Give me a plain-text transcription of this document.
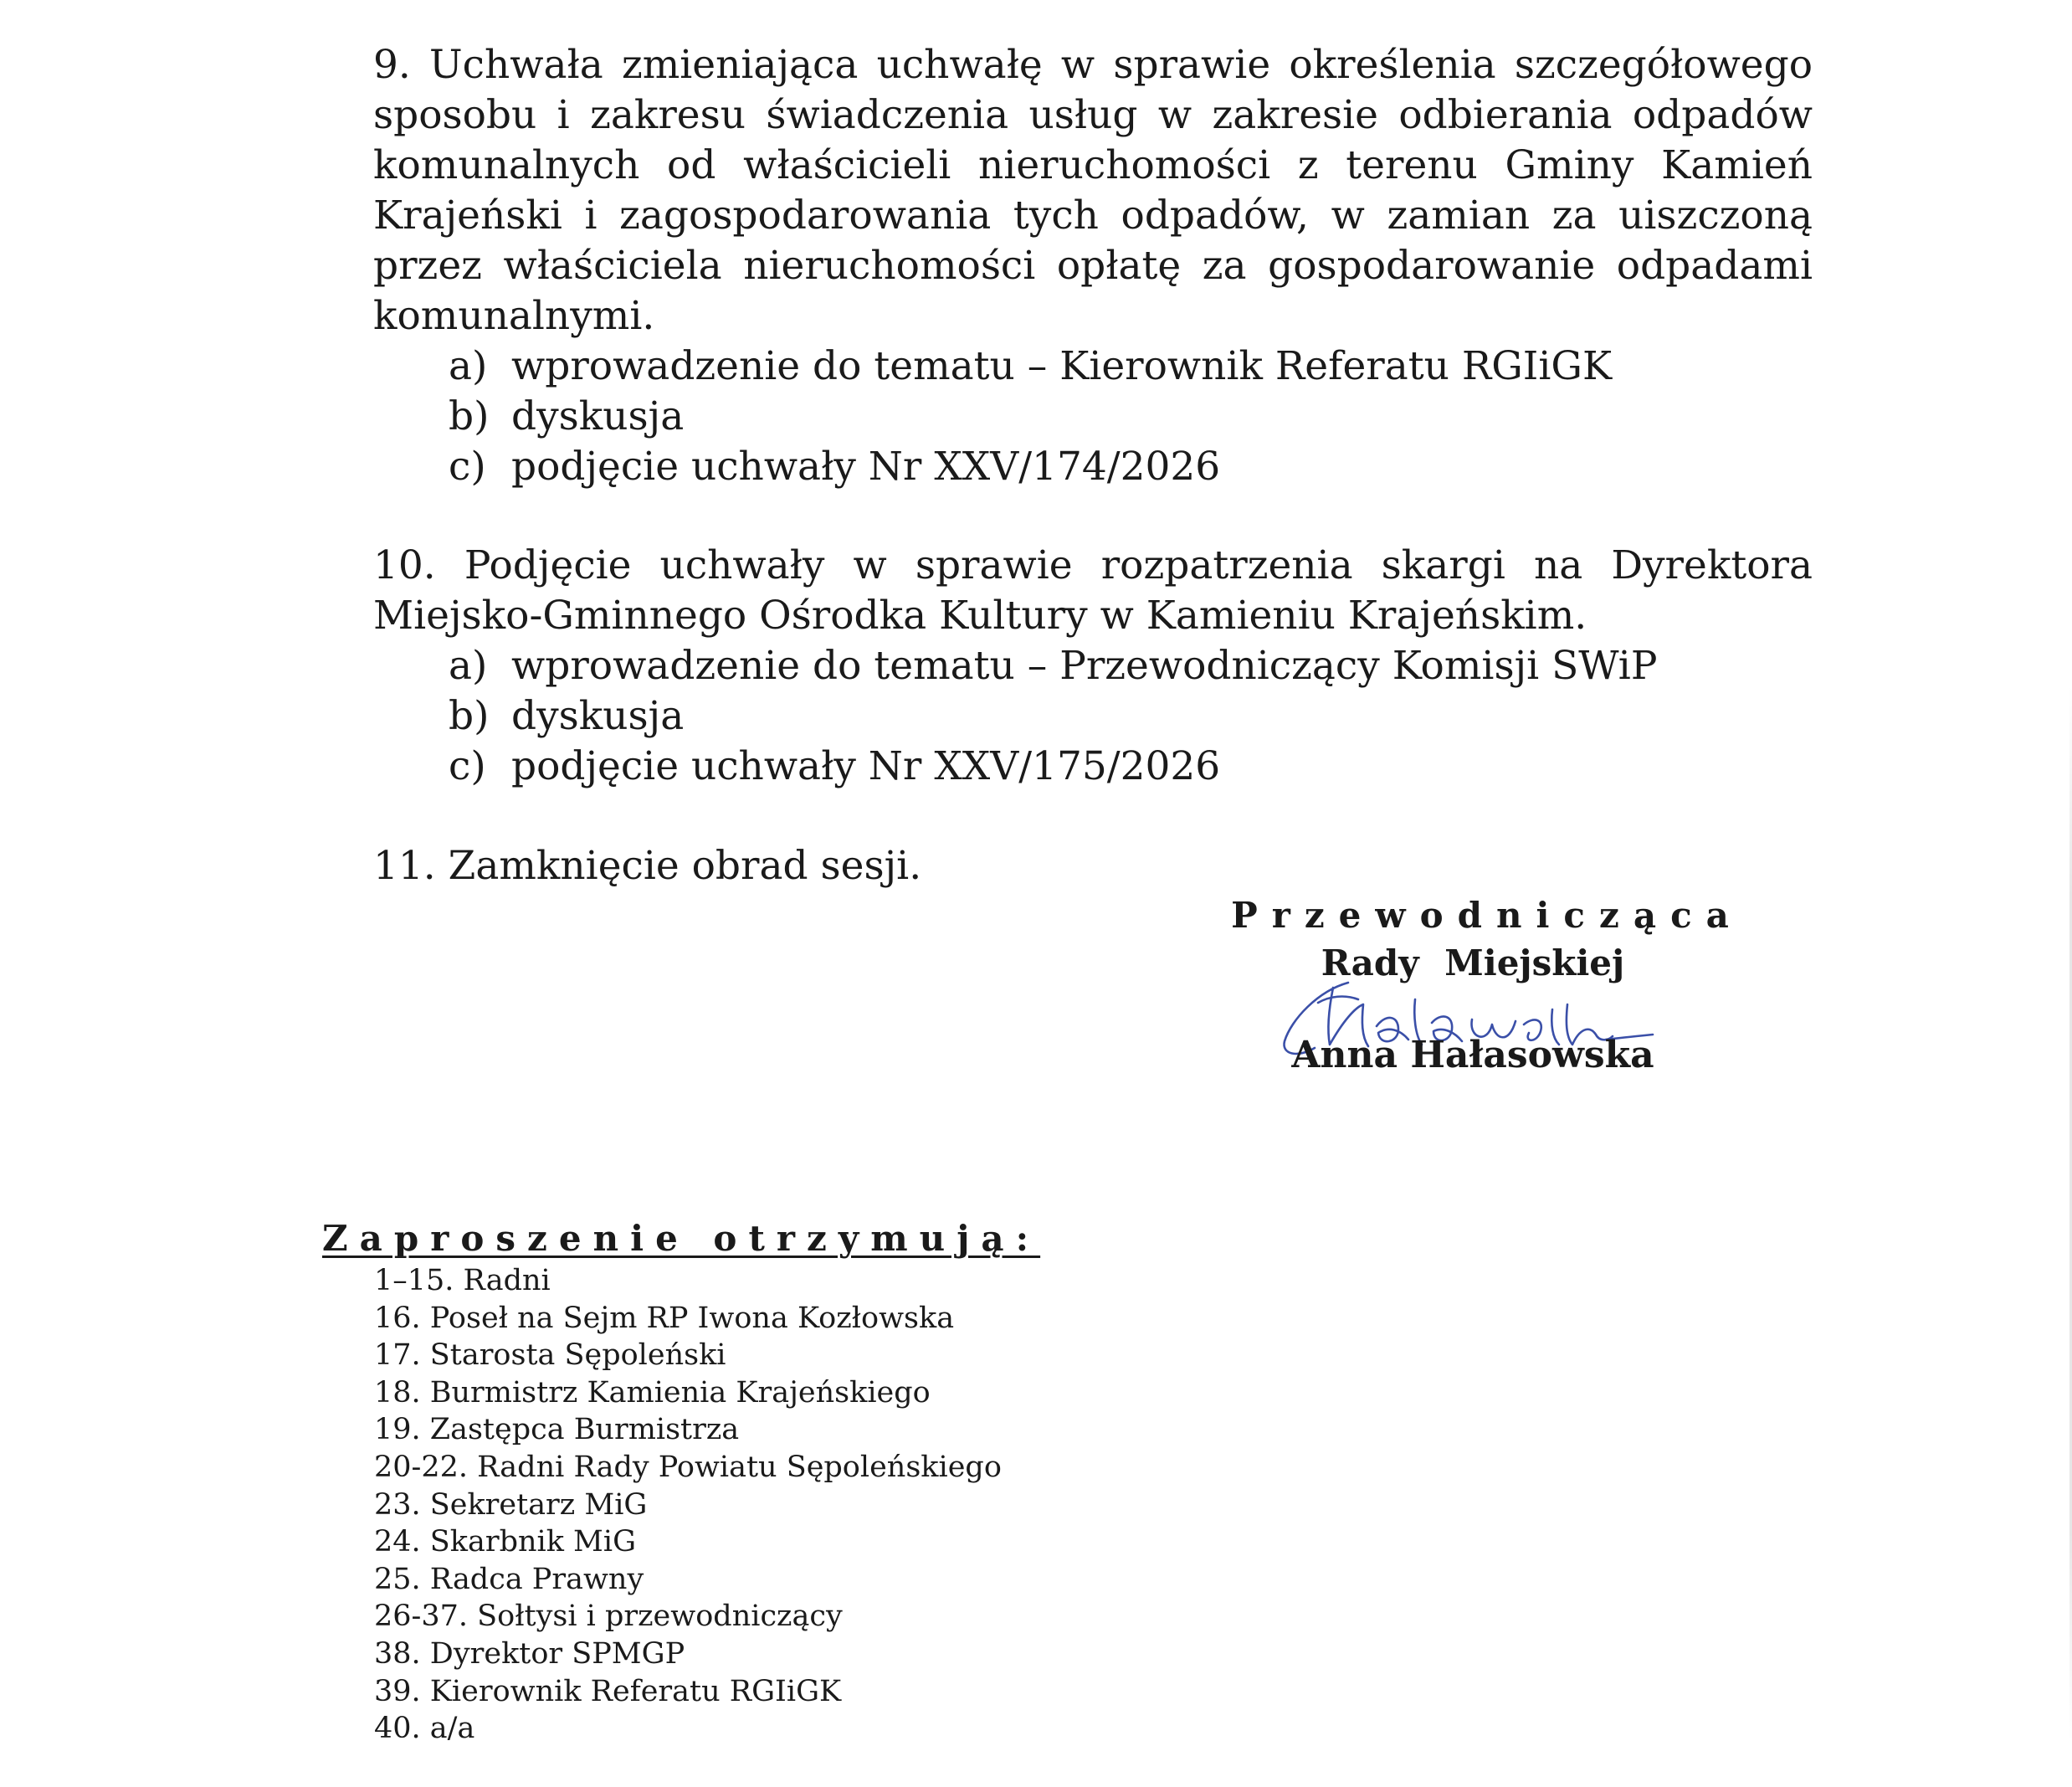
9. Uchwała zmieniająca uchwałę w sprawie określenia szczegółowego sposobu i zakresu świadczenia usług w zakresie odbierania odpadów komunalnych od właścicieli nieruchomości z terenu Gminy Kamień Krajeński i zagospodarowania tych odpadów, w zamian za uiszczoną przez właściciela nieruchomości opłatę za gospodarowanie odpadami komunalnymi.

a) wprowadzenie do tematu – Kierownik Referatu RGIiGK
b) dyskusja
c) podjęcie uchwały Nr XXV/174/2026

10. Podjęcie uchwały w sprawie rozpatrzenia skargi na Dyrektora Miejsko-Gminnego Ośrodka Kultury w Kamieniu Krajeńskim.

a) wprowadzenie do tematu – Przewodniczący Komisji SWiP
b) dyskusja
c) podjęcie uchwały Nr XXV/175/2026

11. Zamknięcie obrad sesji.

Przewodnicząca
Rady Miejskiej
Anna Hałasowska

Zaproszenie otrzymują:

1–15. Radni
16. Poseł na Sejm RP Iwona Kozłowska
17. Starosta Sępoleński
18. Burmistrz Kamienia Krajeńskiego
19. Zastępca Burmistrza
20-22. Radni Rady Powiatu Sępoleńskiego
23. Sekretarz MiG
24. Skarbnik MiG
25. Radca Prawny
26-37. Sołtysi i przewodniczący
38. Dyrektor SPMGP
39. Kierownik Referatu RGIiGK
40. a/a
